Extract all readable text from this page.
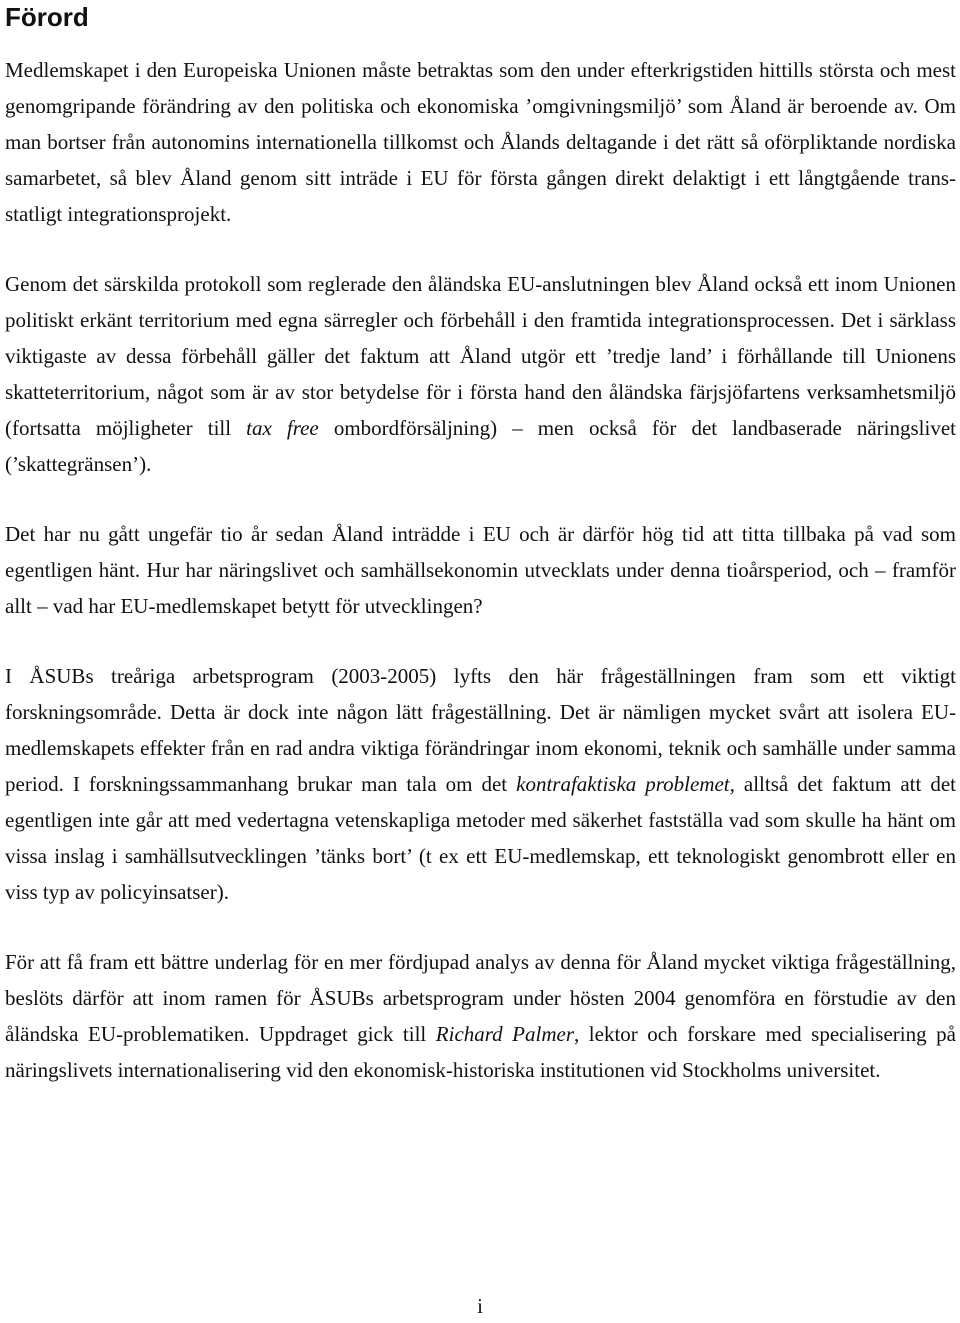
Förord

Medlemskapet i den Europeiska Unionen måste betraktas som den under efterkrigstiden hittills största och mest genomgripande förändring av den politiska och ekonomiska ’omgivningsmiljö’ som Åland är beroende av. Om man bortser från autonomins internationella tillkomst och Ålands deltagande i det rätt så oförpliktande nordiska samarbetet, så blev Åland genom sitt inträde i EU för första gången direkt delaktigt i ett långtgående trans-statligt integrationsprojekt.

Genom det särskilda protokoll som reglerade den åländska EU-anslutningen blev Åland också ett inom Unionen politiskt erkänt territorium med egna särregler och förbehåll i den framtida integrationsprocessen. Det i särklass viktigaste av dessa förbehåll gäller det faktum att Åland utgör ett ’tredje land’ i förhållande till Unionens skatteterritorium, något som är av stor betydelse för i första hand den åländska färjsjöfartens verksamhetsmiljö (fortsatta möjligheter till tax free ombordförsäljning) – men också för det landbaserade näringslivet (’skattegränsen’).

Det har nu gått ungefär tio år sedan Åland inträdde i EU och är därför hög tid att titta tillbaka på vad som egentligen hänt. Hur har näringslivet och samhällsekonomin utvecklats under denna tioårsperiod, och – framför allt – vad har EU-medlemskapet betytt för utvecklingen?

I ÅSUBs treåriga arbetsprogram (2003-2005) lyfts den här frågeställningen fram som ett viktigt forskningsområde. Detta är dock inte någon lätt frågeställning. Det är nämligen mycket svårt att isolera EU-medlemskapets effekter från en rad andra viktiga förändringar inom ekonomi, teknik och samhälle under samma period. I forskningssammanhang brukar man tala om det kontrafaktiska problemet, alltså det faktum att det egentligen inte går att med vedertagna vetenskapliga metoder med säkerhet fastställa vad som skulle ha hänt om vissa inslag i samhällsutvecklingen ’tänks bort’ (t ex ett EU-medlemskap, ett teknologiskt genombrott eller en viss typ av policyinsatser).

För att få fram ett bättre underlag för en mer fördjupad analys av denna för Åland mycket viktiga frågeställning, beslöts därför att inom ramen för ÅSUBs arbetsprogram under hösten 2004 genomföra en förstudie av den åländska EU-problematiken. Uppdraget gick till Richard Palmer, lektor och forskare med specialisering på näringslivets internationalisering vid den ekonomisk-historiska institutionen vid Stockholms universitet.

i
